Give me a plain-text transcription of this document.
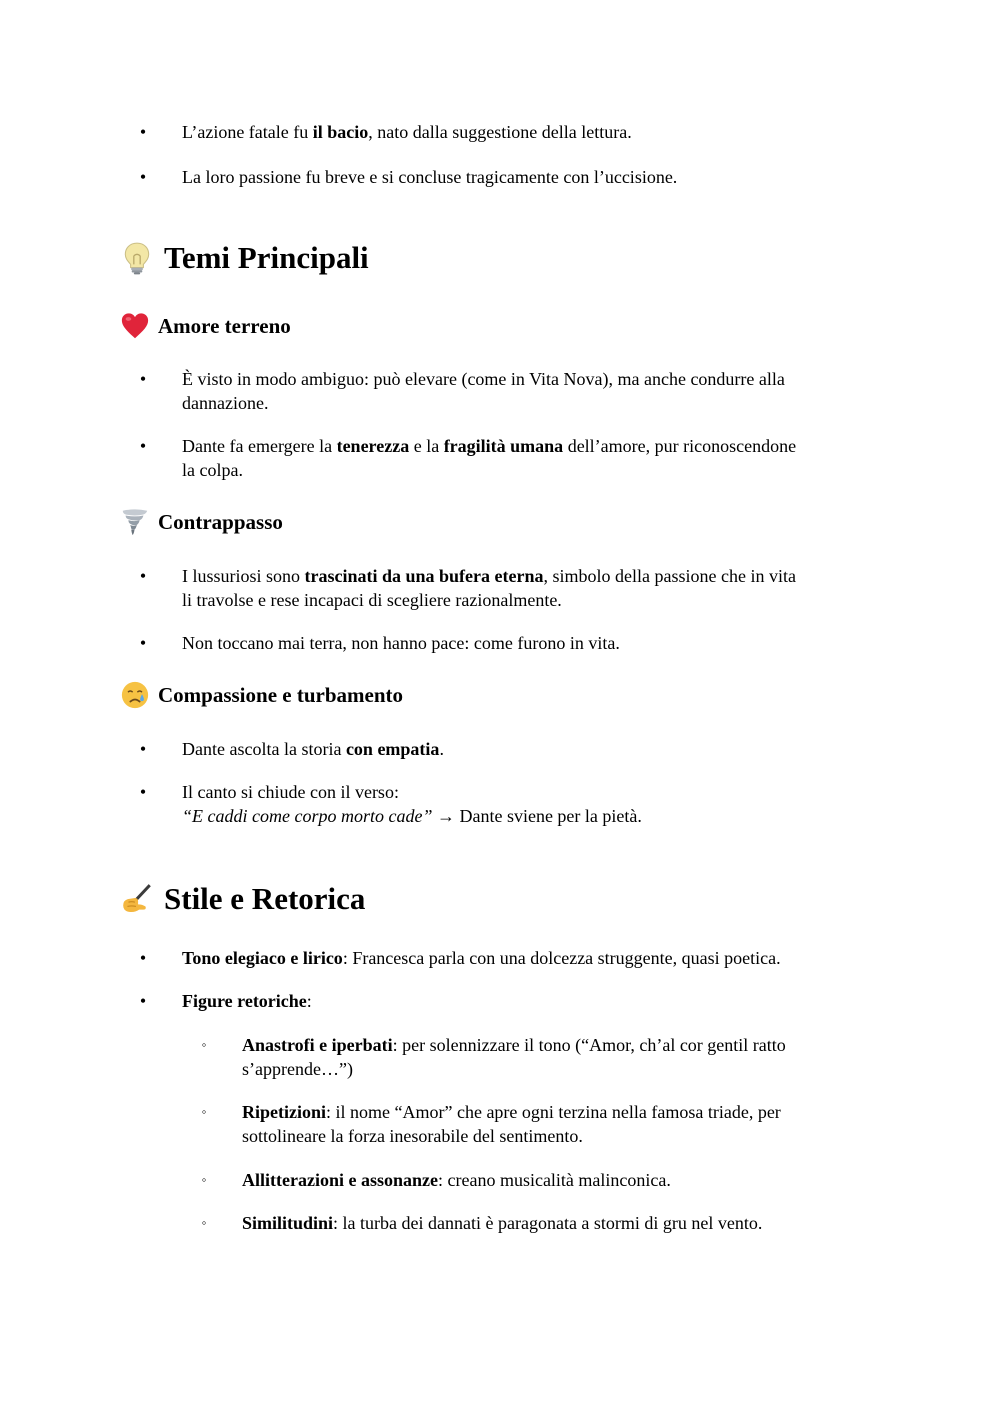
• L’azione fatale fu il bacio, nato dalla suggestione della lettura.
• La loro passione fu breve e si concluse tragicamente con l’uccisione.
Temi Principali
Amore terreno
• È visto in modo ambiguo: può elevare (come in Vita Nova), ma anche condurre alla
dannazione.
• Dante fa emergere la tenerezza e la fragilità umana dell’amore, pur riconoscendone
la colpa.
Contrappasso
• I lussuriosi sono trascinati da una bufera eterna, simbolo della passione che in vita
li travolse e rese incapaci di scegliere razionalmente.
• Non toccano mai terra, non hanno pace: come furono in vita.
Compassione e turbamento
• Dante ascolta la storia con empatia.
• Il canto si chiude con il verso:
“E caddi come corpo morto cade” → Dante sviene per la pietà.
Stile e Retorica
• Tono elegiaco e lirico: Francesca parla con una dolcezza struggente, quasi poetica.
• Figure retoriche:
◦ Anastrofi e iperbati: per solennizzare il tono (“Amor, ch’al cor gentil ratto
s’apprende…”)
◦ Ripetizioni: il nome “Amor” che apre ogni terzina nella famosa triade, per
sottolineare la forza inesorabile del sentimento.
◦ Allitterazioni e assonanze: creano musicalità malinconica.
◦ Similitudini: la turba dei dannati è paragonata a stormi di gru nel vento.
